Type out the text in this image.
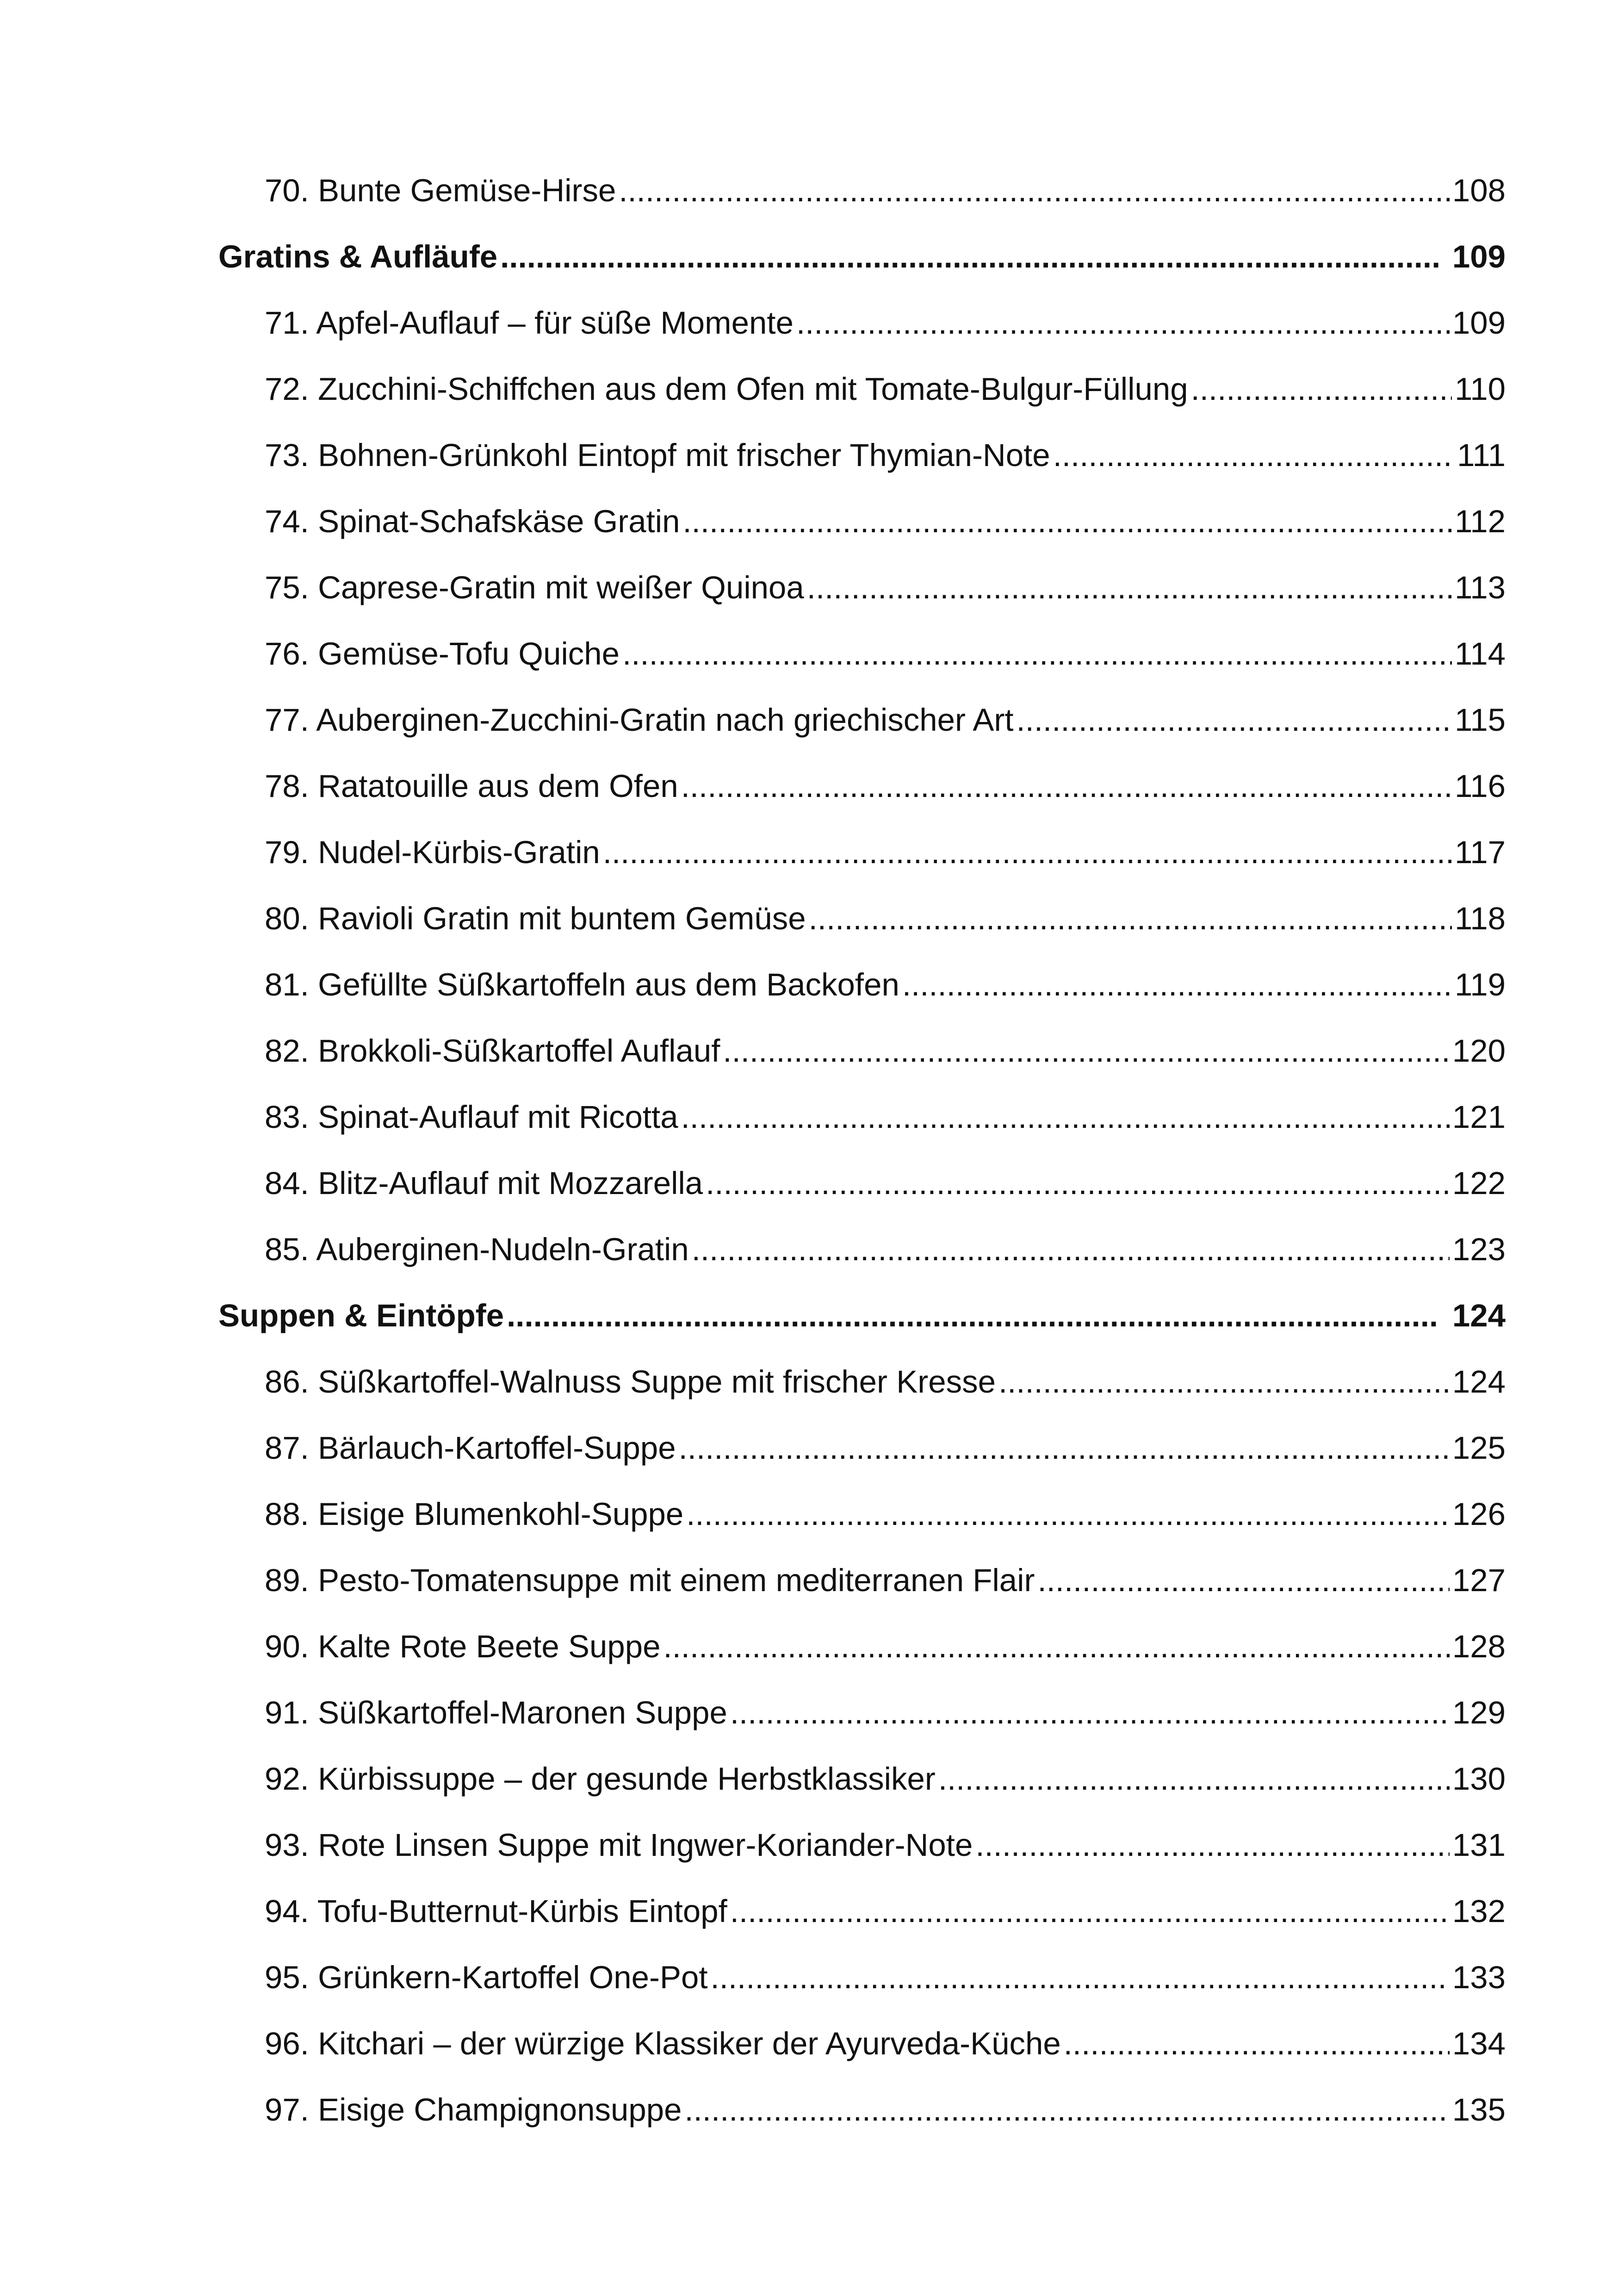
70. Bunte Gemüse-Hirse .....	108
Gratins & Aufläufe .....	109
71. Apfel-Auflauf – für süße Momente .....	109
72. Zucchini-Schiffchen aus dem Ofen mit Tomate-Bulgur-Füllung .....	110
73. Bohnen-Grünkohl Eintopf mit frischer Thymian-Note .....	111
74. Spinat-Schafskäse Gratin .....	112
75. Caprese-Gratin mit weißer Quinoa .....	113
76. Gemüse-Tofu Quiche .....	114
77. Auberginen-Zucchini-Gratin nach griechischer Art .....	115
78. Ratatouille aus dem Ofen .....	116
79. Nudel-Kürbis-Gratin .....	117
80. Ravioli Gratin mit buntem Gemüse .....	118
81. Gefüllte Süßkartoffeln aus dem Backofen .....	119
82. Brokkoli-Süßkartoffel Auflauf .....	120
83. Spinat-Auflauf mit Ricotta .....	121
84. Blitz-Auflauf mit Mozzarella .....	122
85. Auberginen-Nudeln-Gratin .....	123
Suppen & Eintöpfe .....	124
86. Süßkartoffel-Walnuss Suppe mit frischer Kresse .....	124
87. Bärlauch-Kartoffel-Suppe .....	125
88. Eisige Blumenkohl-Suppe .....	126
89. Pesto-Tomatensuppe mit einem mediterranen Flair .....	127
90. Kalte Rote Beete Suppe .....	128
91. Süßkartoffel-Maronen Suppe .....	129
92. Kürbissuppe – der gesunde Herbstklassiker .....	130
93. Rote Linsen Suppe mit Ingwer-Koriander-Note .....	131
94. Tofu-Butternut-Kürbis Eintopf .....	132
95. Grünkern-Kartoffel One-Pot .....	133
96. Kitchari – der würzige Klassiker der Ayurveda-Küche .....	134
97. Eisige Champignonsuppe .....	135
